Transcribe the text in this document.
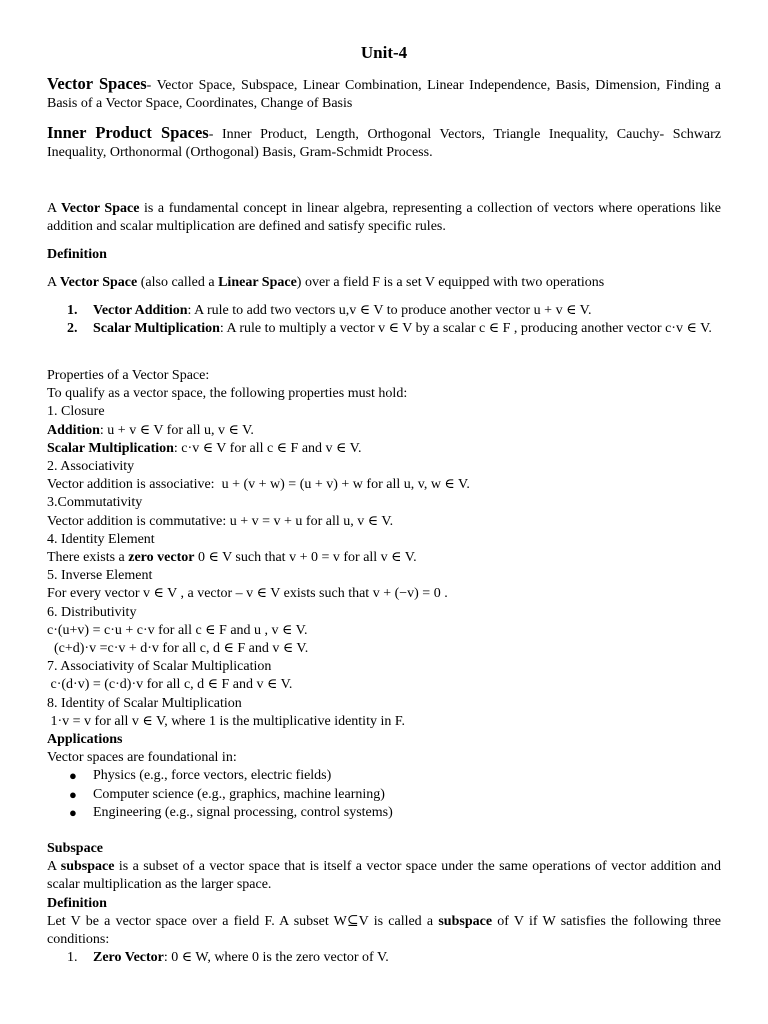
Unit-4
Vector Spaces- Vector Space, Subspace, Linear Combination, Linear Independence, Basis, Dimension, Finding a Basis of a Vector Space, Coordinates, Change of Basis
Inner Product Spaces- Inner Product, Length, Orthogonal Vectors, Triangle Inequality, Cauchy- Schwarz Inequality, Orthonormal (Orthogonal) Basis, Gram-Schmidt Process.
A Vector Space is a fundamental concept in linear algebra, representing a collection of vectors where operations like addition and scalar multiplication are defined and satisfy specific rules.
Definition
A Vector Space (also called a Linear Space) over a field F is a set V equipped with two operations
1. Vector Addition: A rule to add two vectors u,v ∈ V to produce another vector u + v ∈ V.
2. Scalar Multiplication: A rule to multiply a vector v ∈ V by a scalar c ∈ F , producing another vector c·v ∈ V.
Properties of a Vector Space:
To qualify as a vector space, the following properties must hold:
1. Closure
Addition: u + v ∈ V for all u, v ∈ V.
Scalar Multiplication: c·v ∈ V for all c ∈ F and v ∈ V.
2. Associativity
Vector addition is associative:  u + (v + w) = (u + v) + w for all u, v, w ∈ V.
3.Commutativity
Vector addition is commutative: u + v = v + u for all u, v ∈ V.
4. Identity Element
There exists a zero vector 0 ∈ V such that v + 0 = v for all v ∈ V.
5. Inverse Element
For every vector v ∈ V , a vector – v ∈ V exists such that v + (−v) = 0 .
6. Distributivity
c·(u+v) = c·u + c·v for all c ∈ F and u , v ∈ V.
(c+d)·v =c·v + d·v for all c, d ∈ F and v ∈ V.
7. Associativity of Scalar Multiplication
c·(d·v) = (c·d)·v for all c, d ∈ F and v ∈ V.
8. Identity of Scalar Multiplication
1·v = v for all v ∈ V, where 1 is the multiplicative identity in F.
Applications
Vector spaces are foundational in:
● Physics (e.g., force vectors, electric fields)
● Computer science (e.g., graphics, machine learning)
● Engineering (e.g., signal processing, control systems)
Subspace
A subspace is a subset of a vector space that is itself a vector space under the same operations of vector addition and scalar multiplication as the larger space.
Definition
Let V be a vector space over a field F. A subset W⊆V is called a subspace of V if W satisfies the following three conditions:
1. Zero Vector: 0 ∈ W, where 0 is the zero vector of V.
